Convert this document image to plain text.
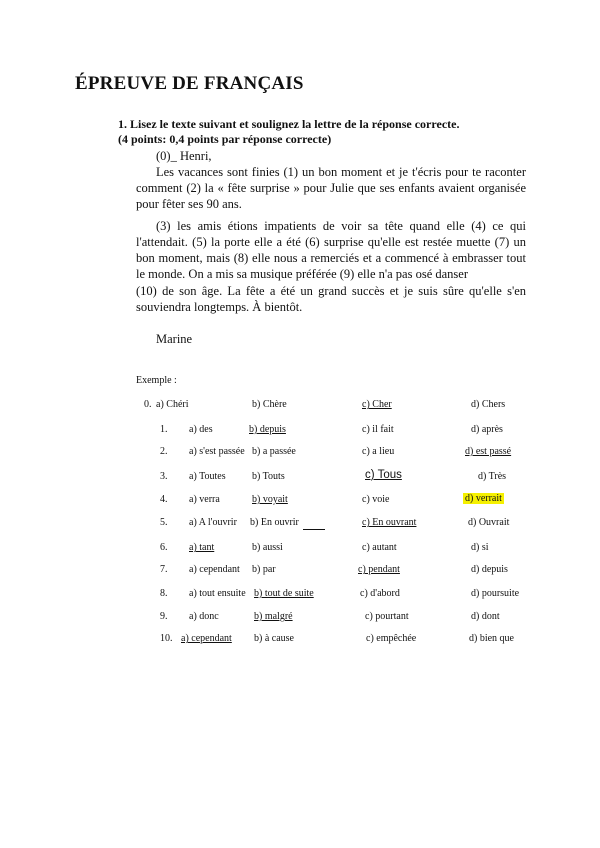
ÉPREUVE DE FRANÇAIS
1. Lisez le texte suivant et soulignez la lettre de la réponse correcte.
(4 points: 0,4 points par réponse correcte)
(0)_ Henri,

Les vacances sont finies (1) un bon moment et je t'écris pour te raconter comment (2) la « fête surprise » pour Julie que ses enfants avaient organisée pour fêter ses 90 ans.

(3) les amis étions impatients de voir sa tête quand elle (4) ce qui l'attendait. (5) la porte elle a été (6) surprise qu'elle est restée muette (7) un bon moment, mais (8) elle nous a remerciés et a commencé à embrasser tout le monde. On a mis sa musique préférée (9) elle n'a pas osé danser

(10) de son âge. La fête a été un grand succès et je suis sûre qu'elle s'en souviendra longtemps. À bientôt.

Marine
Exemple :
0. a) Chéri	b) Chère	c) Cher	d) Chers
1. a) des	b) depuis	c) il fait	d) après
2. a) s'est passée b) a passée	c) a lieu	d) est passé
3. a) Toutes	b) Touts	c) Tous	d) Très
4. a) verra	b) voyait	c) voie	d) verrait
5. a) A l'ouvrir b) En ouvrir	c) En ouvrant	d) Ouvrait
6. a) tant	b) aussi	c) autant	d) si
7. a) cependant b) par	c) pendant	d) depuis
8. a) tout ensuite b) tout de suite	c) d'abord	d) poursuite
9. a) donc	b) malgré	c) pourtant	d) dont
10. a) cependant b) à cause	c) empêchée	d) bien que
